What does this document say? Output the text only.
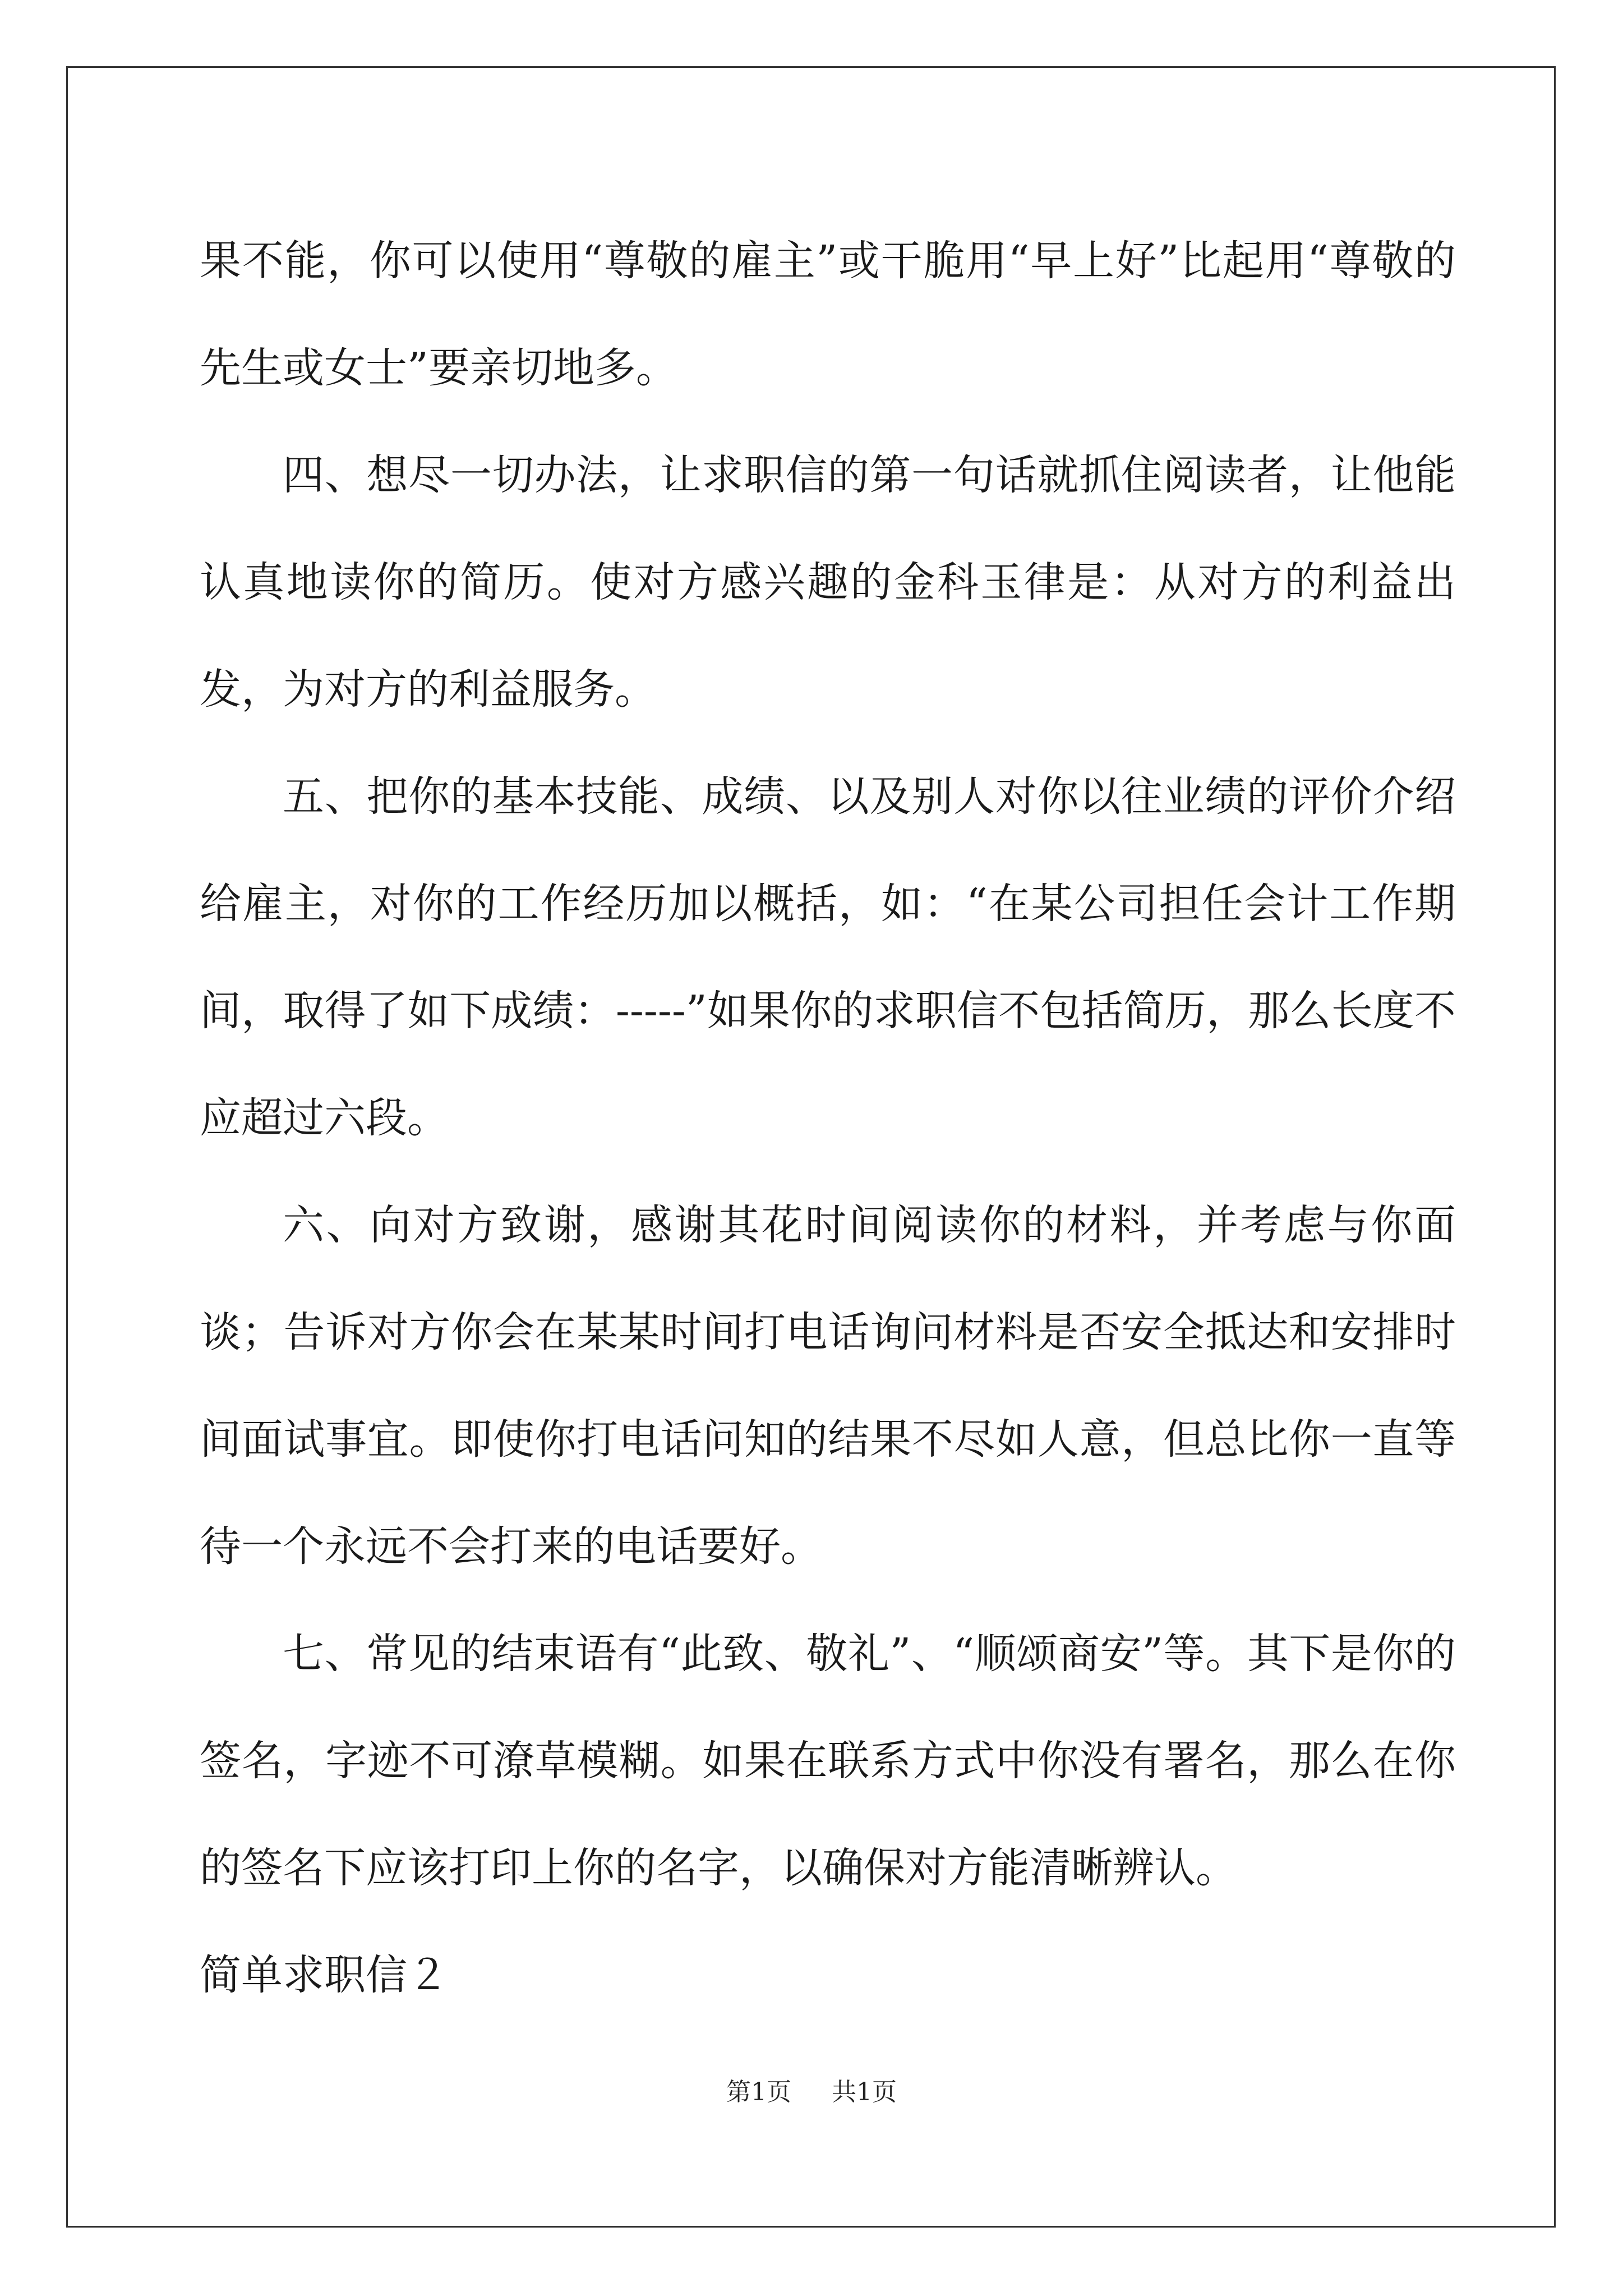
果不能，你可以使用“尊敬的雇主”或干脆用“早上好”比起用“尊敬的先生或女士”要亲切地多。

四、想尽一切办法，让求职信的第一句话就抓住阅读者，让他能认真地读你的简历。使对方感兴趣的金科玉律是：从对方的利益出发，为对方的利益服务。

五、把你的基本技能、成绩、以及别人对你以往业绩的评价介绍给雇主，对你的工作经历加以概括，如：“在某公司担任会计工作期间，取得了如下成绩：-----”如果你的求职信不包括简历，那么长度不应超过六段。

六、向对方致谢，感谢其花时间阅读你的材料，并考虑与你面谈；告诉对方你会在某某时间打电话询问材料是否安全抵达和安排时间面试事宜。即使你打电话问知的结果不尽如人意，但总比你一直等待一个永远不会打来的电话要好。

七、常见的结束语有“此致、敬礼”、“顺颂商安”等。其下是你的签名，字迹不可潦草模糊。如果在联系方式中你没有署名，那么在你的签名下应该打印上你的名字，以确保对方能清晰辨认。

简单求职信２

第1页 共1页
